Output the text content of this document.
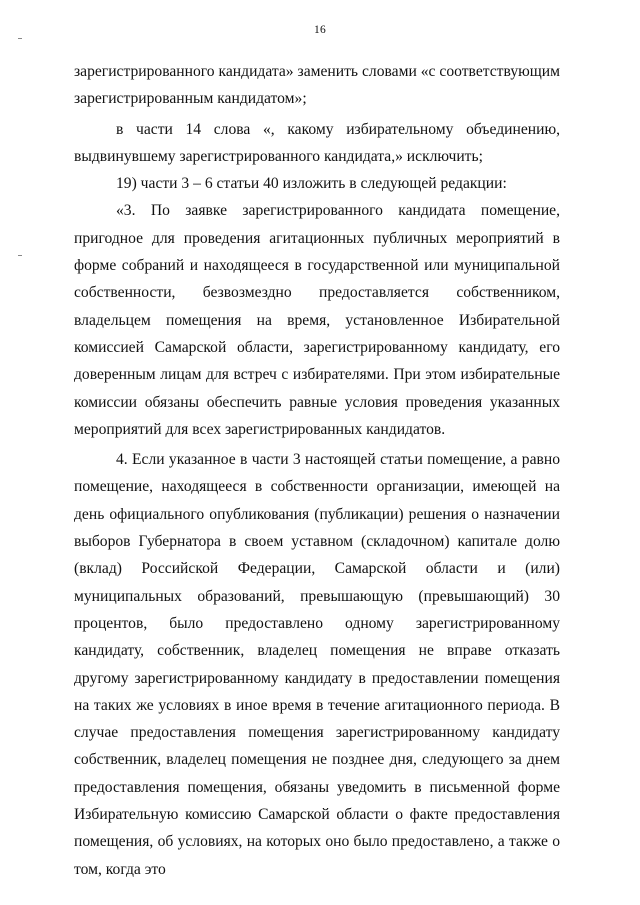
16

зарегистрированного кандидата» заменить словами «с соответствующим зарегистрированным кандидатом»;

в части 14 слова «, какому избирательному объединению, выдвинувшему зарегистрированного кандидата,» исключить;

19) части 3 – 6 статьи 40 изложить в следующей редакции:

«3. По заявке зарегистрированного кандидата помещение, пригодное для проведения агитационных публичных мероприятий в форме собраний и находящееся в государственной или муниципальной собственности, безвозмездно предоставляется собственником, владельцем помещения на время, установленное Избирательной комиссией Самарской области, зарегистрированному кандидату, его доверенным лицам для встреч с избирателями. При этом избирательные комиссии обязаны обеспечить равные условия проведения указанных мероприятий для всех зарегистрированных кандидатов.

4. Если указанное в части 3 настоящей статьи помещение, а равно помещение, находящееся в собственности организации, имеющей на день официального опубликования (публикации) решения о назначении выборов Губернатора в своем уставном (складочном) капитале долю (вклад) Российской Федерации, Самарской области и (или) муниципальных образований, превышающую (превышающий) 30 процентов, было предоставлено одному зарегистрированному кандидату, собственник, владелец помещения не вправе отказать другому зарегистрированному кандидату в предоставлении помещения на таких же условиях в иное время в течение агитационного периода. В случае предоставления помещения зарегистрированному кандидату собственник, владелец помещения не позднее дня, следующего за днем предоставления помещения, обязаны уведомить в письменной форме Избирательную комиссию Самарской области о факте предоставления помещения, об условиях, на которых оно было предоставлено, а также о том, когда это
